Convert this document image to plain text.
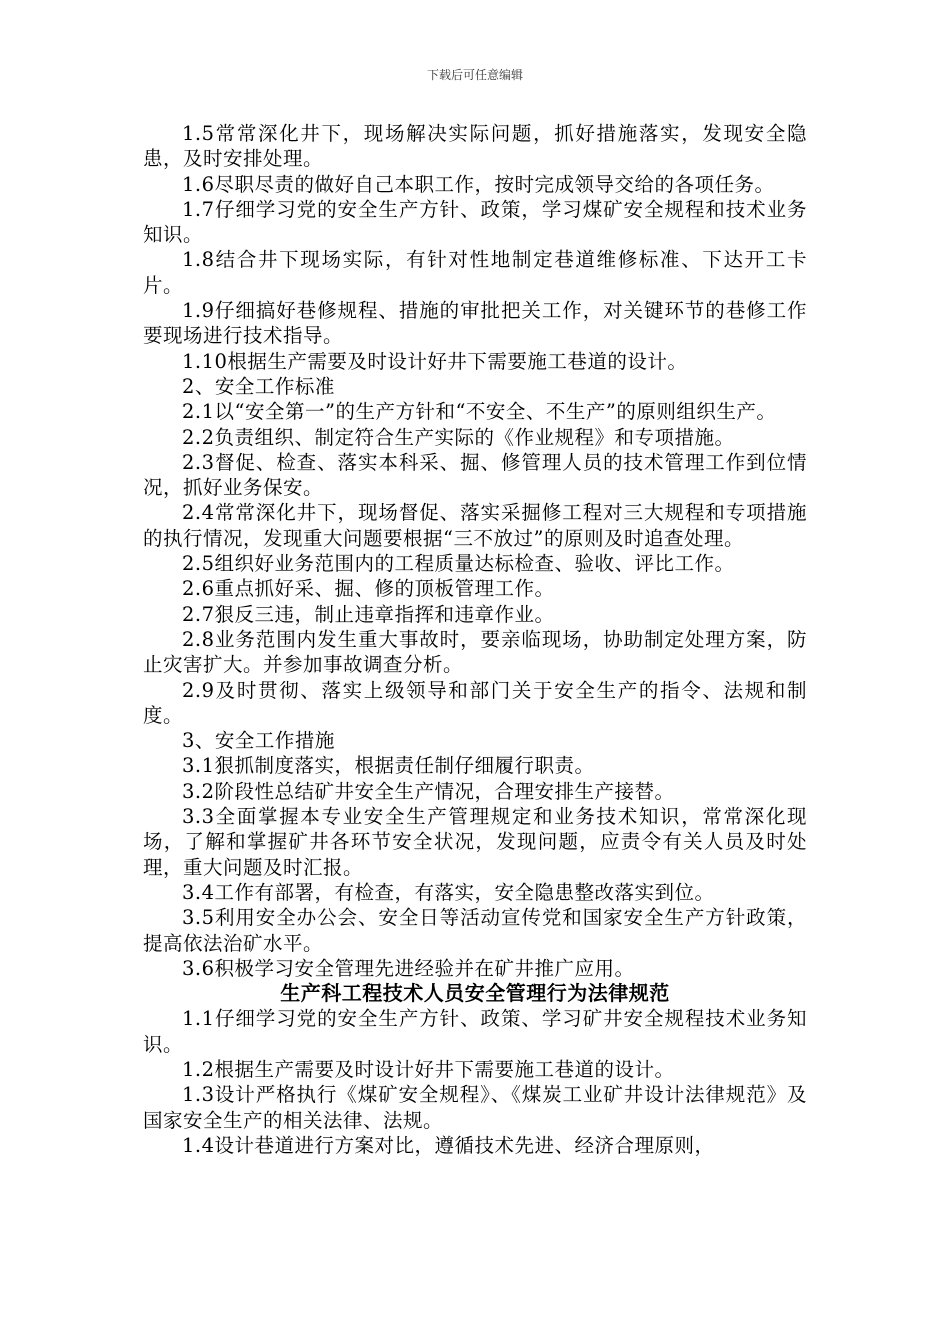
下载后可任意编辑

1.5常常深化井下，现场解决实际问题，抓好措施落实，发现安全隐患，及时安排处理。

1.6尽职尽责的做好自己本职工作，按时完成领导交给的各项任务。

1.7仔细学习党的安全生产方针、政策，学习煤矿安全规程和技术业务知识。

1.8结合井下现场实际，有针对性地制定巷道维修标准、下达开工卡片。

1.9仔细搞好巷修规程、措施的审批把关工作，对关键环节的巷修工作要现场进行技术指导。

1.10根据生产需要及时设计好井下需要施工巷道的设计。

2、安全工作标准

2.1以“安全第一”的生产方针和“不安全、不生产”的原则组织生产。

2.2负责组织、制定符合生产实际的《作业规程》和专项措施。

2.3督促、检查、落实本科采、掘、修管理人员的技术管理工作到位情况，抓好业务保安。

2.4常常深化井下，现场督促、落实采掘修工程对三大规程和专项措施的执行情况，发现重大问题要根据“三不放过”的原则及时追查处理。

2.5组织好业务范围内的工程质量达标检查、验收、评比工作。

2.6重点抓好采、掘、修的顶板管理工作。

2.7狠反三违，制止违章指挥和违章作业。

2.8业务范围内发生重大事故时，要亲临现场，协助制定处理方案，防止灾害扩大。并参加事故调查分析。

2.9及时贯彻、落实上级领导和部门关于安全生产的指令、法规和制度。

3、安全工作措施

3.1狠抓制度落实，根据责任制仔细履行职责。

3.2阶段性总结矿井安全生产情况，合理安排生产接替。

3.3全面掌握本专业安全生产管理规定和业务技术知识，常常深化现场，了解和掌握矿井各环节安全状况，发现问题，应责令有关人员及时处理，重大问题及时汇报。

3.4工作有部署，有检查，有落实，安全隐患整改落实到位。

3.5利用安全办公会、安全日等活动宣传党和国家安全生产方针政策，提高依法治矿水平。

3.6积极学习安全管理先进经验并在矿井推广应用。

生产科工程技术人员安全管理行为法律规范

1.1仔细学习党的安全生产方针、政策、学习矿井安全规程技术业务知识。

1.2根据生产需要及时设计好井下需要施工巷道的设计。

1.3设计严格执行《煤矿安全规程》、《煤炭工业矿井设计法律规范》及国家安全生产的相关法律、法规。

1.4设计巷道进行方案对比，遵循技术先进、经济合理原则，
